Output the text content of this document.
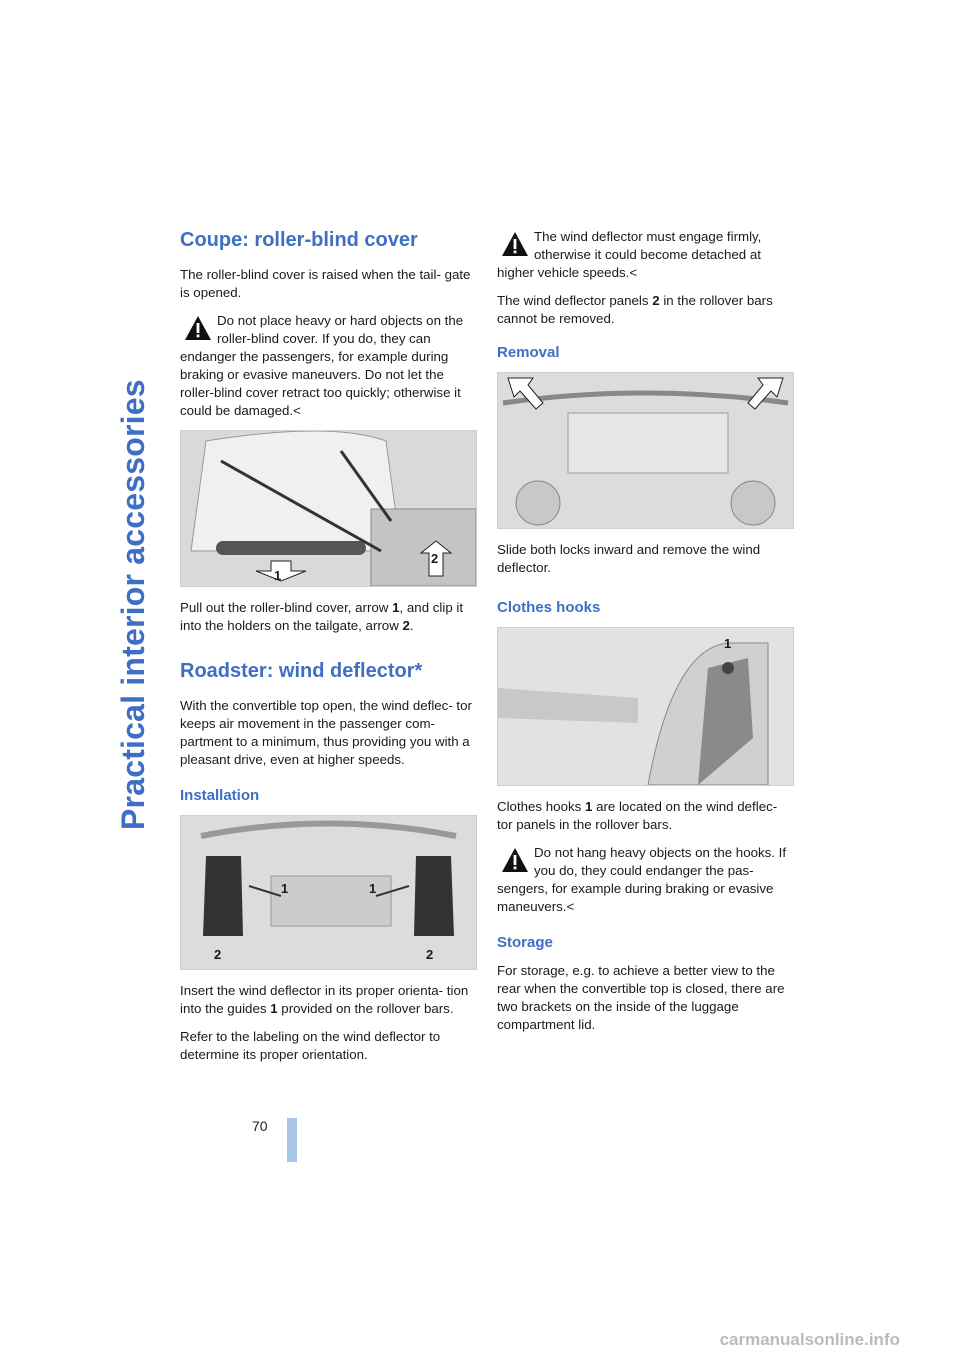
Practical interior accessories
Coupe: roller-blind cover

The roller-blind cover is raised when the tail- gate is opened.

Do not place heavy or hard objects on the roller-blind cover. If you do, they can
endanger the passengers, for example during braking or evasive maneuvers. Do not let the roller-blind cover retract too quickly; otherwise it could be damaged.<
1
2

Pull out the roller-blind cover, arrow 1, and clip it into the holders on the tailgate, arrow 2.

Roadster: wind deflector*

With the convertible top open, the wind deflec- tor keeps air movement in the passenger com- partment to a minimum, thus providing you with a pleasant drive, even at higher speeds.

Installation
1	1
2	2

Insert the wind deflector in its proper orienta- tion into the guides 1 provided on the rollover bars.

Refer to the labeling on the wind deflector to determine its proper orientation.

The wind deflector must engage firmly, otherwise it could become detached at
higher vehicle speeds.<

The wind deflector panels 2 in the rollover bars cannot be removed.

Removal

Slide both locks inward and remove the wind deflector.

Clothes hooks
1

Clothes hooks 1 are located on the wind deflec- tor panels in the rollover bars.

Do not hang heavy objects on the hooks. If you do, they could endanger the pas-
sengers, for example during braking or evasive maneuvers.<
Storage

For storage, e.g. to achieve a better view to the rear when the convertible top is closed, there are two brackets on the inside of the luggage compartment lid.

70
carmanualsonline.info
